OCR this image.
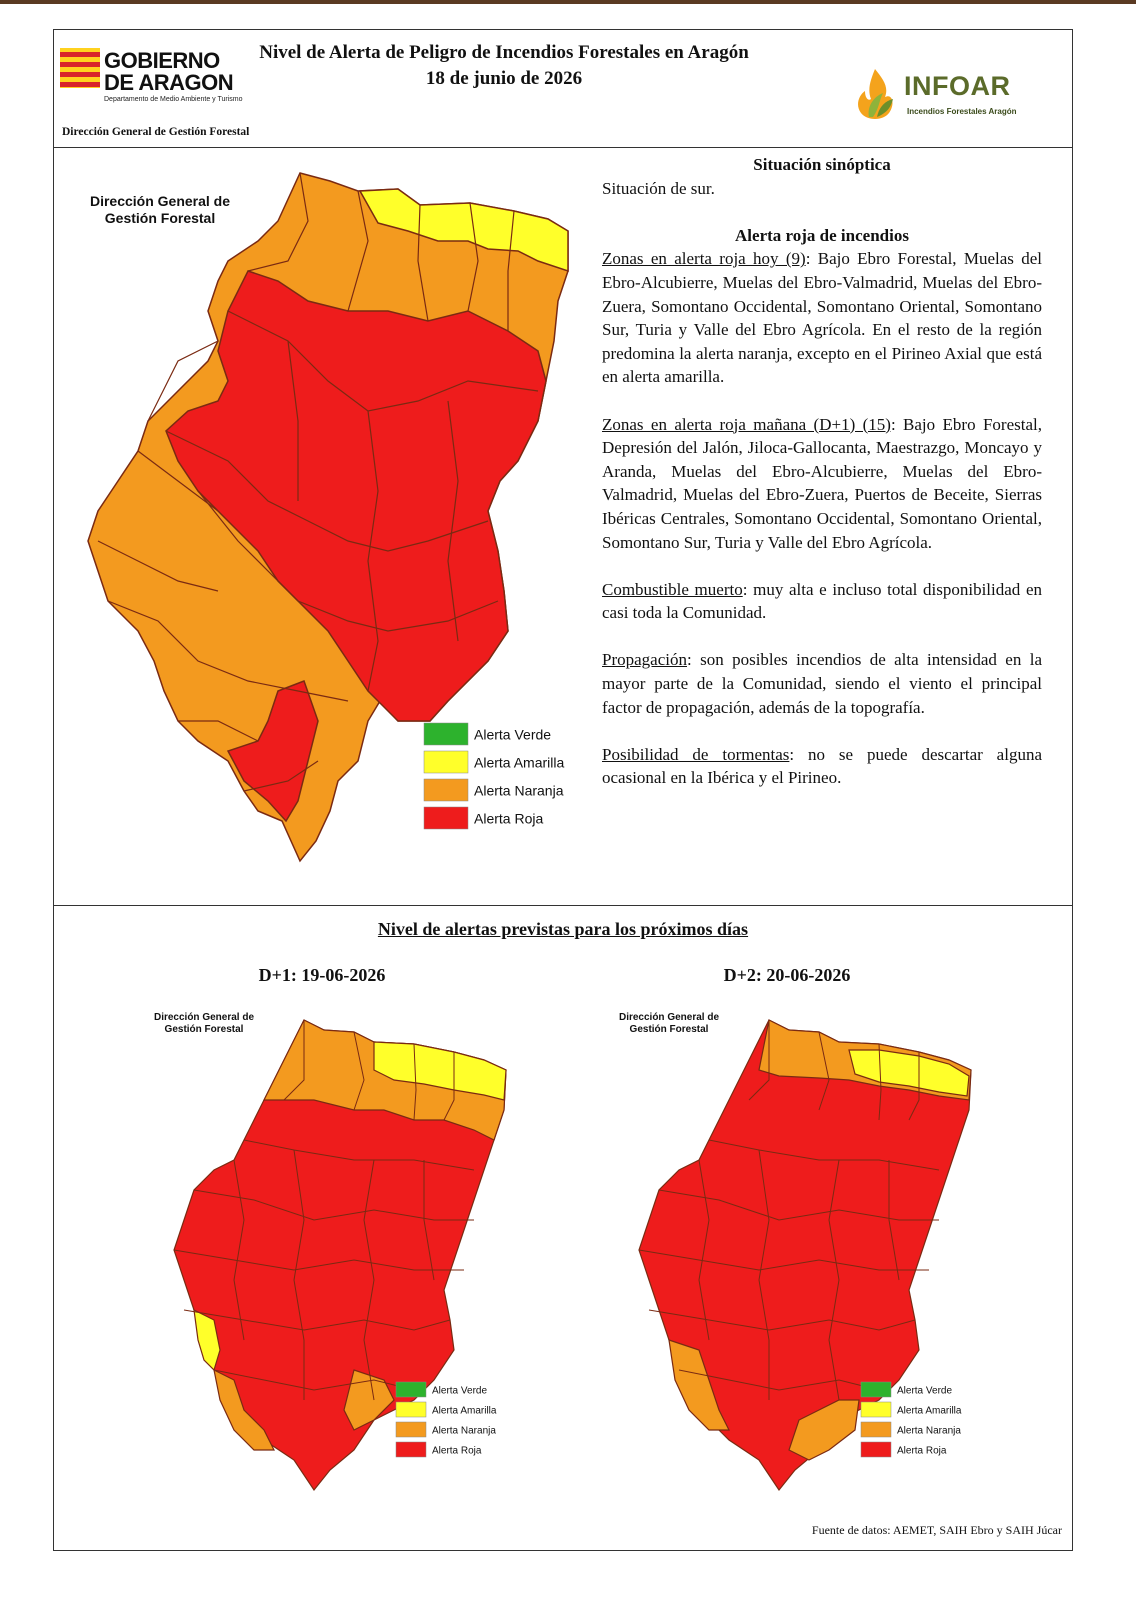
GOBIERNO
DE ARAGON
Departamento de Medio Ambiente y Turismo
Dirección General de Gestión Forestal
Nivel de Alerta de Peligro de Incendios Forestales en Aragón
18 de junio de 2026	INFOAR
Incendios Forestales Aragón
Alerta Verde
Alerta Amarilla
Alerta Naranja
Alerta Roja
Dirección General de
Gestión Forestal
Situación sinóptica

Situación de sur.

Alerta roja de incendios

Zonas en alerta roja hoy (9): Bajo Ebro Forestal, Muelas del Ebro-Alcubierre, Muelas del Ebro-Valmadrid, Muelas del Ebro-Zuera, Somontano Occidental, Somontano Oriental, Somontano Sur, Turia y Valle del Ebro Agrícola. En el resto de la región predomina la alerta naranja, excepto en el Pirineo Axial que está en alerta amarilla.

Zonas en alerta roja mañana (D+1) (15): Bajo Ebro Forestal, Depresión del Jalón, Jiloca-Gallocanta, Maestrazgo, Moncayo y Aranda, Muelas del Ebro-Alcubierre, Muelas del Ebro-Valmadrid, Muelas del Ebro-Zuera, Puertos de Beceite, Sierras Ibéricas Centrales, Somontano Occidental, Somontano Oriental, Somontano Sur, Turia y Valle del Ebro Agrícola.

Combustible muerto: muy alta e incluso total disponibilidad en casi toda la Comunidad.

Propagación: son posibles incendios de alta intensidad en la mayor parte de la Comunidad, siendo el viento el principal factor de propagación, además de la topografía.

Posibilidad de tormentas: no se puede descartar alguna ocasional en la Ibérica y el Pirineo.

Nivel de alertas previstas para los próximos días
D+1: 19-06-2026	D+2: 20-06-2026
Dirección General de
Gestión Forestal
Alerta Verde
Alerta Amarilla
Alerta Naranja
Alerta Roja
Dirección General de
Gestión Forestal
Alerta Verde
Alerta Amarilla
Alerta Naranja
Alerta Roja
Fuente de datos: AEMET, SAIH Ebro y SAIH Júcar
